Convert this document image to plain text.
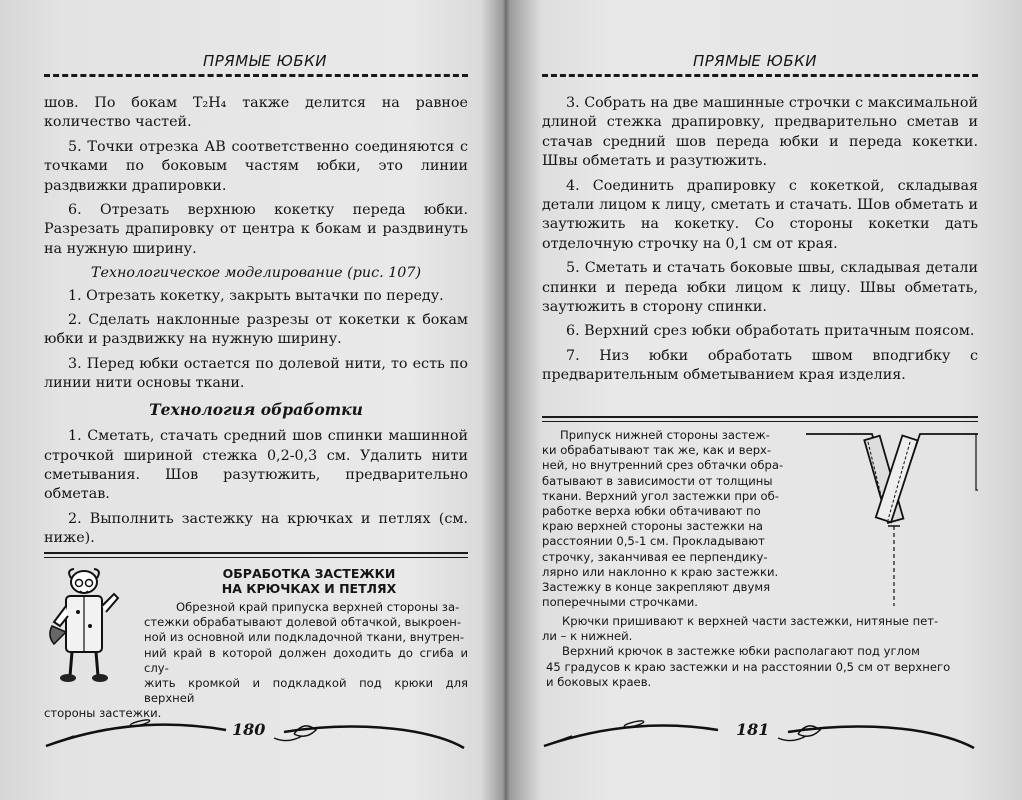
ПРЯМЫЕ ЮБКИ

шов. По бокам T₂H₄ также делится на равное количество частей.

5. Точки отрезка АВ соответственно соединяются с точками по боковым частям юбки, это линии раздвижки драпировки.

6. Отрезать верхнюю кокетку переда юбки. Разрезать драпировку от центра к бокам и раздвинуть на нужную ширину.

Технологическое моделирование (рис. 107)

1. Отрезать кокетку, закрыть вытачки по переду.

2. Сделать наклонные разрезы от кокетки к бокам юбки и раздвижку на нужную ширину.

3. Перед юбки остается по долевой нити, то есть по линии нити основы ткани.

Технология обработки

1. Сметать, стачать средний шов спинки машинной строчкой шириной стежка 0,2-0,3 см. Удалить нити сметывания. Шов разутюжить, предварительно обметав.

2. Выполнить застежку на крючках и петлях (см. ниже).

ОБРАБОТКА ЗАСТЕЖКИ
НА КРЮЧКАХ И ПЕТЛЯХ
Обрезной край припуска верхней стороны за-
стежки обрабатывают долевой обтачкой, выкроен-
ной из основной или подкладочной ткани, внутрен-
ний край в которой должен доходить до сгиба и слу-
жить кромкой и подкладкой под крюки для верхней
стороны застежки.
180
ПРЯМЫЕ ЮБКИ

3. Собрать на две машинные строчки с максимальной длиной стежка драпировку, предварительно сметав и стачав средний шов переда юбки и переда кокетки. Швы обметать и разутюжить.

4. Соединить драпировку с кокеткой, складывая детали лицом к лицу, сметать и стачать. Шов обметать и заутюжить на кокетку. Со стороны кокетки дать отделочную строчку на 0,1 см от края.

5. Сметать и стачать боковые швы, складывая детали спинки и переда юбки лицом к лицу. Швы обметать, заутюжить в сторону спинки.

6. Верхний срез юбки обработать притачным поясом.

7. Низ юбки обработать швом вподгибку с предварительным обметыванием края изделия.

Припуск нижней стороны застеж-
ки обрабатывают так же, как и верх-
ней, но внутренний срез обтачки обра-
батывают в зависимости от толщины
ткани. Верхний угол застежки при об-
работке верха юбки обтачивают по
краю верхней стороны застежки на
расстоянии 0,5-1 см. Прокладывают
строчку, заканчивая ее перпендику-
лярно или наклонно к краю застежки.
Застежку в конце закрепляют двумя
поперечными строчками.
Крючки пришивают к верхней части застежки, нитяные пет-
ли – к нижней.
Верхний крючок в застежке юбки располагают под углом
45 градусов к краю застежки и на расстоянии 0,5 см от верхнего
и боковых краев.
181
